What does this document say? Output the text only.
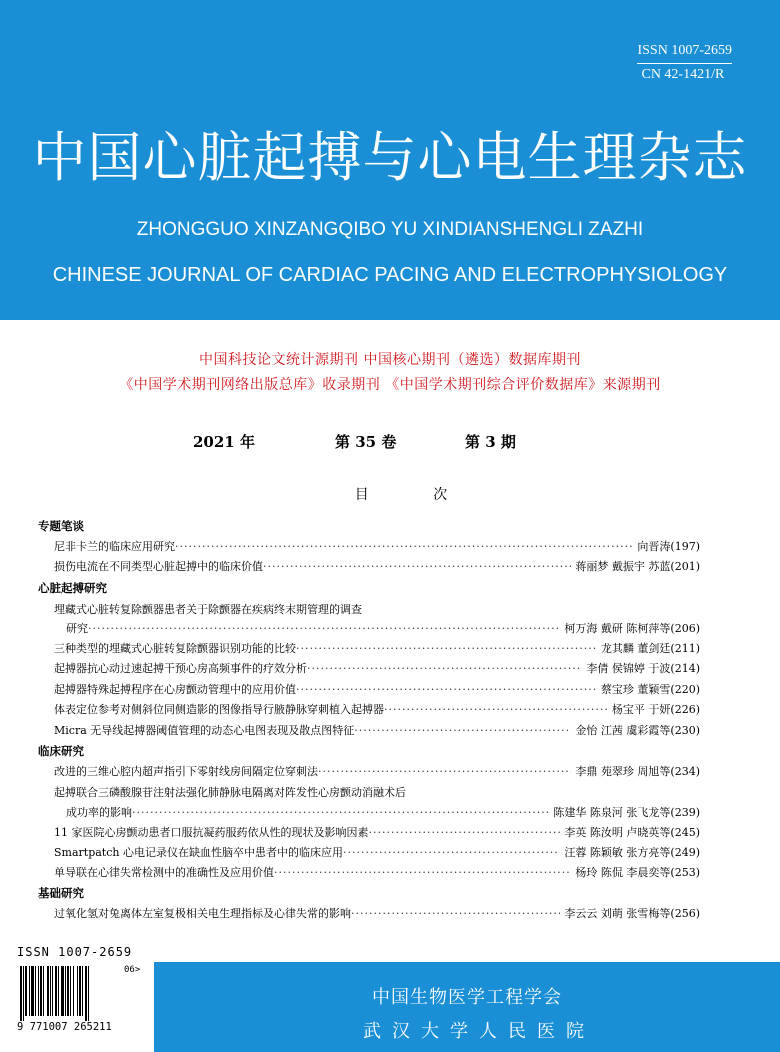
ISSN 1007-2659
CN 42-1421/R
中国心脏起搏与心电生理杂志
ZHONGGUO XINZANGQIBO YU XINDIANSHENGLI ZAZHI
CHINESE JOURNAL OF CARDIAC PACING AND ELECTROPHYSIOLOGY
中国科技论文统计源期刊 中国核心期刊（遴选）数据库期刊
《中国学术期刊网络出版总库》收录期刊 《中国学术期刊综合评价数据库》来源期刊
2021 年	第 35 卷	第 3 期
目 次
专题笔谈
尼非卡兰的临床应用研究 ·····	向晋涛(197)
损伤电流在不同类型心脏起搏中的临床价值 ·····	蒋丽梦 戴振宇 苏蓝(201)
心脏起搏研究
埋藏式心脏转复除颤器患者关于除颤器在疾病终末期管理的调查
研究 ·····	柯万海 戴研 陈柯萍等(206)
三种类型的埋藏式心脏转复除颤器识别功能的比较 ·····	龙其麟 董剑廷(211)
起搏器抗心动过速起搏干预心房高频事件的疗效分析 ·····	李倩 侯锦婷 于波(214)
起搏器特殊起搏程序在心房颤动管理中的应用价值 ·····	蔡宝珍 董颖雪(220)
体表定位参考对侧斜位同侧造影的图像指导行腋静脉穿刺植入起搏器 ·····	杨宝平 于妍(226)
Micra 无导线起搏器阈值管理的动态心电图表现及散点图特征 ·····	金怡 江茜 虞彩霞等(230)
临床研究
改进的三维心腔内超声指引下零射线房间隔定位穿刺法 ·····	李鼎 苑翠珍 周旭等(234)
起搏联合三磷酸腺苷注射法强化肺静脉电隔离对阵发性心房颤动消融术后
成功率的影响 ·····	陈建华 陈泉河 张飞龙等(239)
11 家医院心房颤动患者口服抗凝药服药依从性的现状及影响因素 ·····	李英 陈汝明 卢晓英等(245)
Smartpatch 心电记录仪在缺血性脑卒中患者中的临床应用 ·····	汪蓉 陈颖敏 张方亮等(249)
单导联在心律失常检测中的准确性及应用价值 ·····	杨玲 陈侃 李晨奕等(253)
基础研究
过氧化氢对兔离体左室复极相关电生理指标及心律失常的影响 ·····	李云云 刘萌 张雪梅等(256)
ISSN 1007-2659
06>
9 771007 265211
中国生物医学工程学会
武汉大学人民医院
